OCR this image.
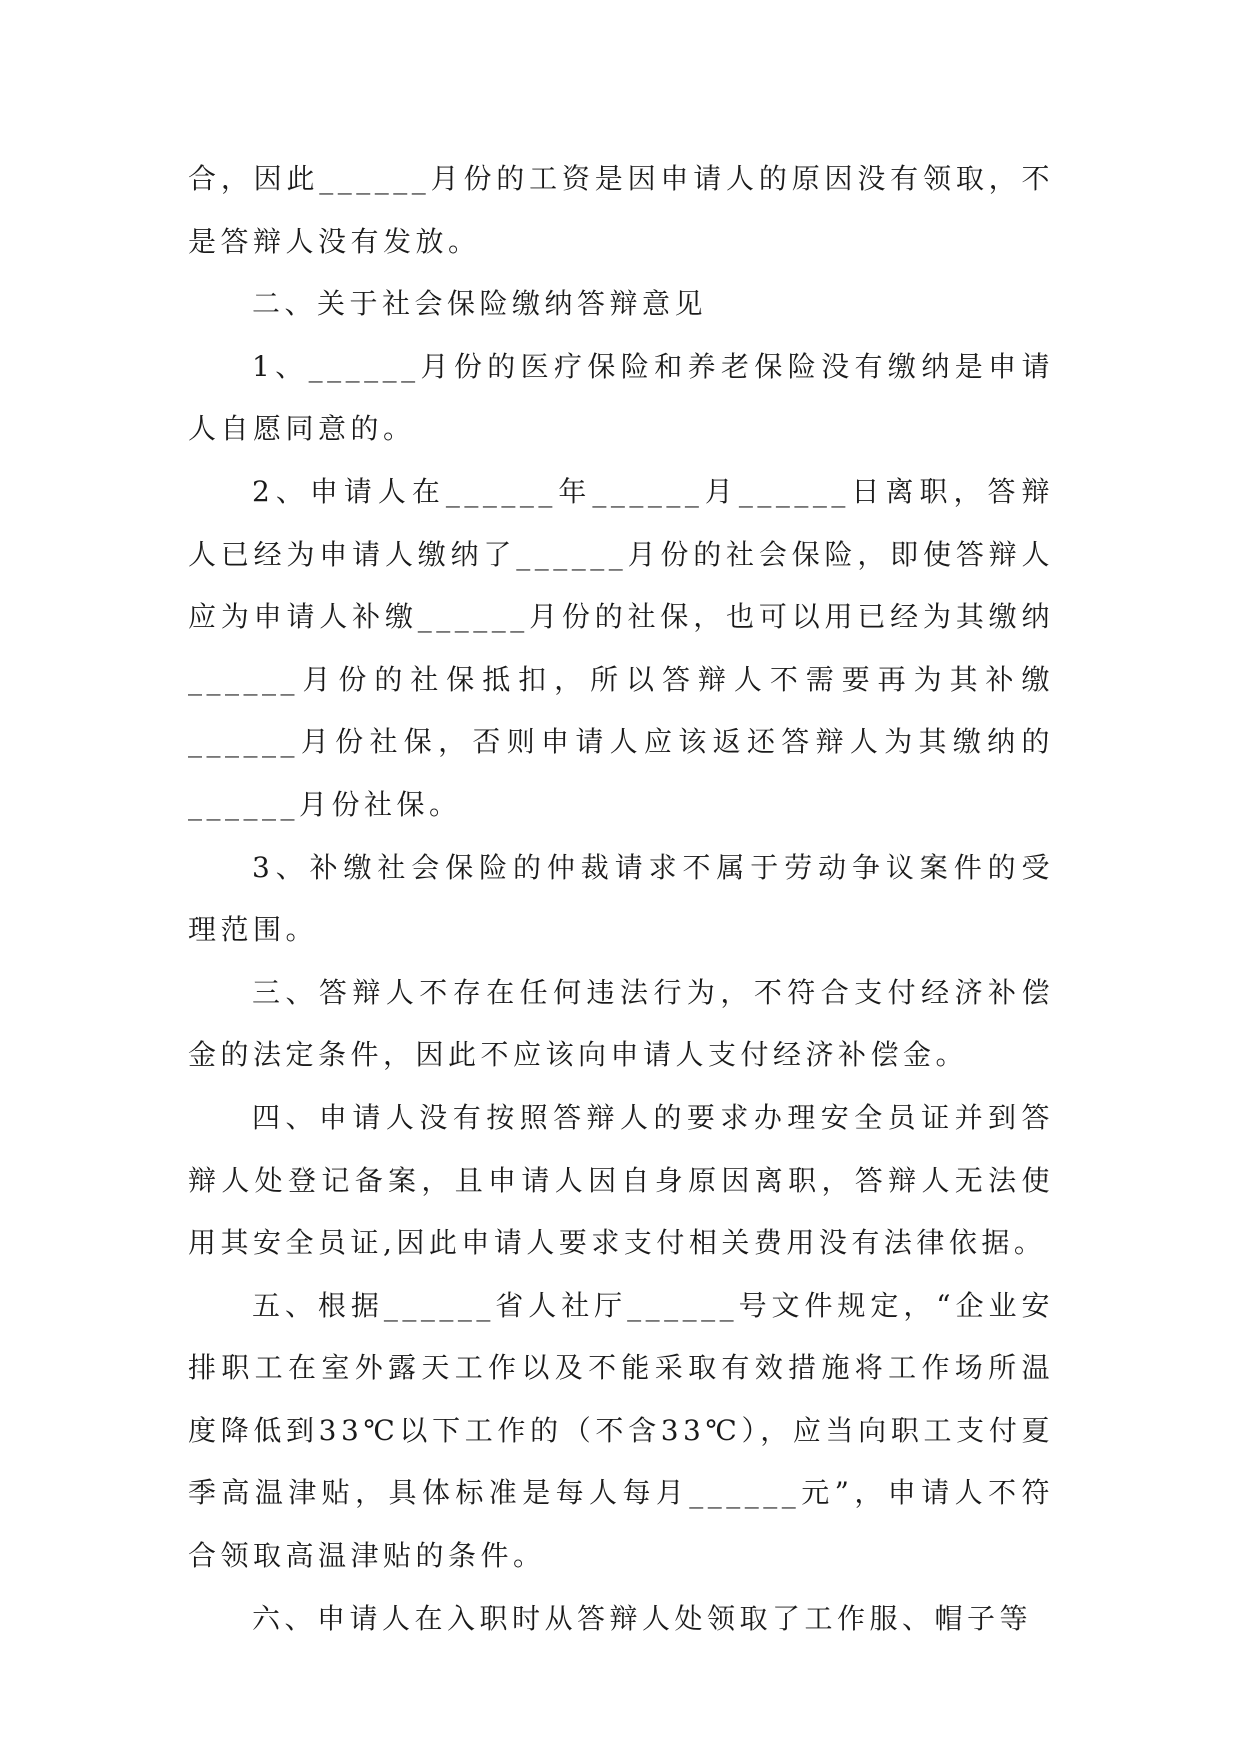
合，因此______月份的工资是因申请人的原因没有领取，不是答辩人没有发放。

二、关于社会保险缴纳答辩意见

1、______月份的医疗保险和养老保险没有缴纳是申请人自愿同意的。

2、申请人在______年______月______日离职，答辩人已经为申请人缴纳了______月份的社会保险，即使答辩人应为申请人补缴______月份的社保，也可以用已经为其缴纳______月份的社保抵扣，所以答辩人不需要再为其补缴______月份社保，否则申请人应该返还答辩人为其缴纳的______月份社保。

3、补缴社会保险的仲裁请求不属于劳动争议案件的受理范围。

三、答辩人不存在任何违法行为，不符合支付经济补偿金的法定条件，因此不应该向申请人支付经济补偿金。

四、申请人没有按照答辩人的要求办理安全员证并到答辩人处登记备案，且申请人因自身原因离职，答辩人无法使用其安全员证,因此申请人要求支付相关费用没有法律依据。

五、根据______省人社厅______号文件规定，“企业安排职工在室外露天工作以及不能采取有效措施将工作场所温度降低到33℃以下工作的（不含33℃），应当向职工支付夏季高温津贴，具体标准是每人每月______元”，申请人不符合领取高温津贴的条件。

六、申请人在入职时从答辩人处领取了工作服、帽子等
